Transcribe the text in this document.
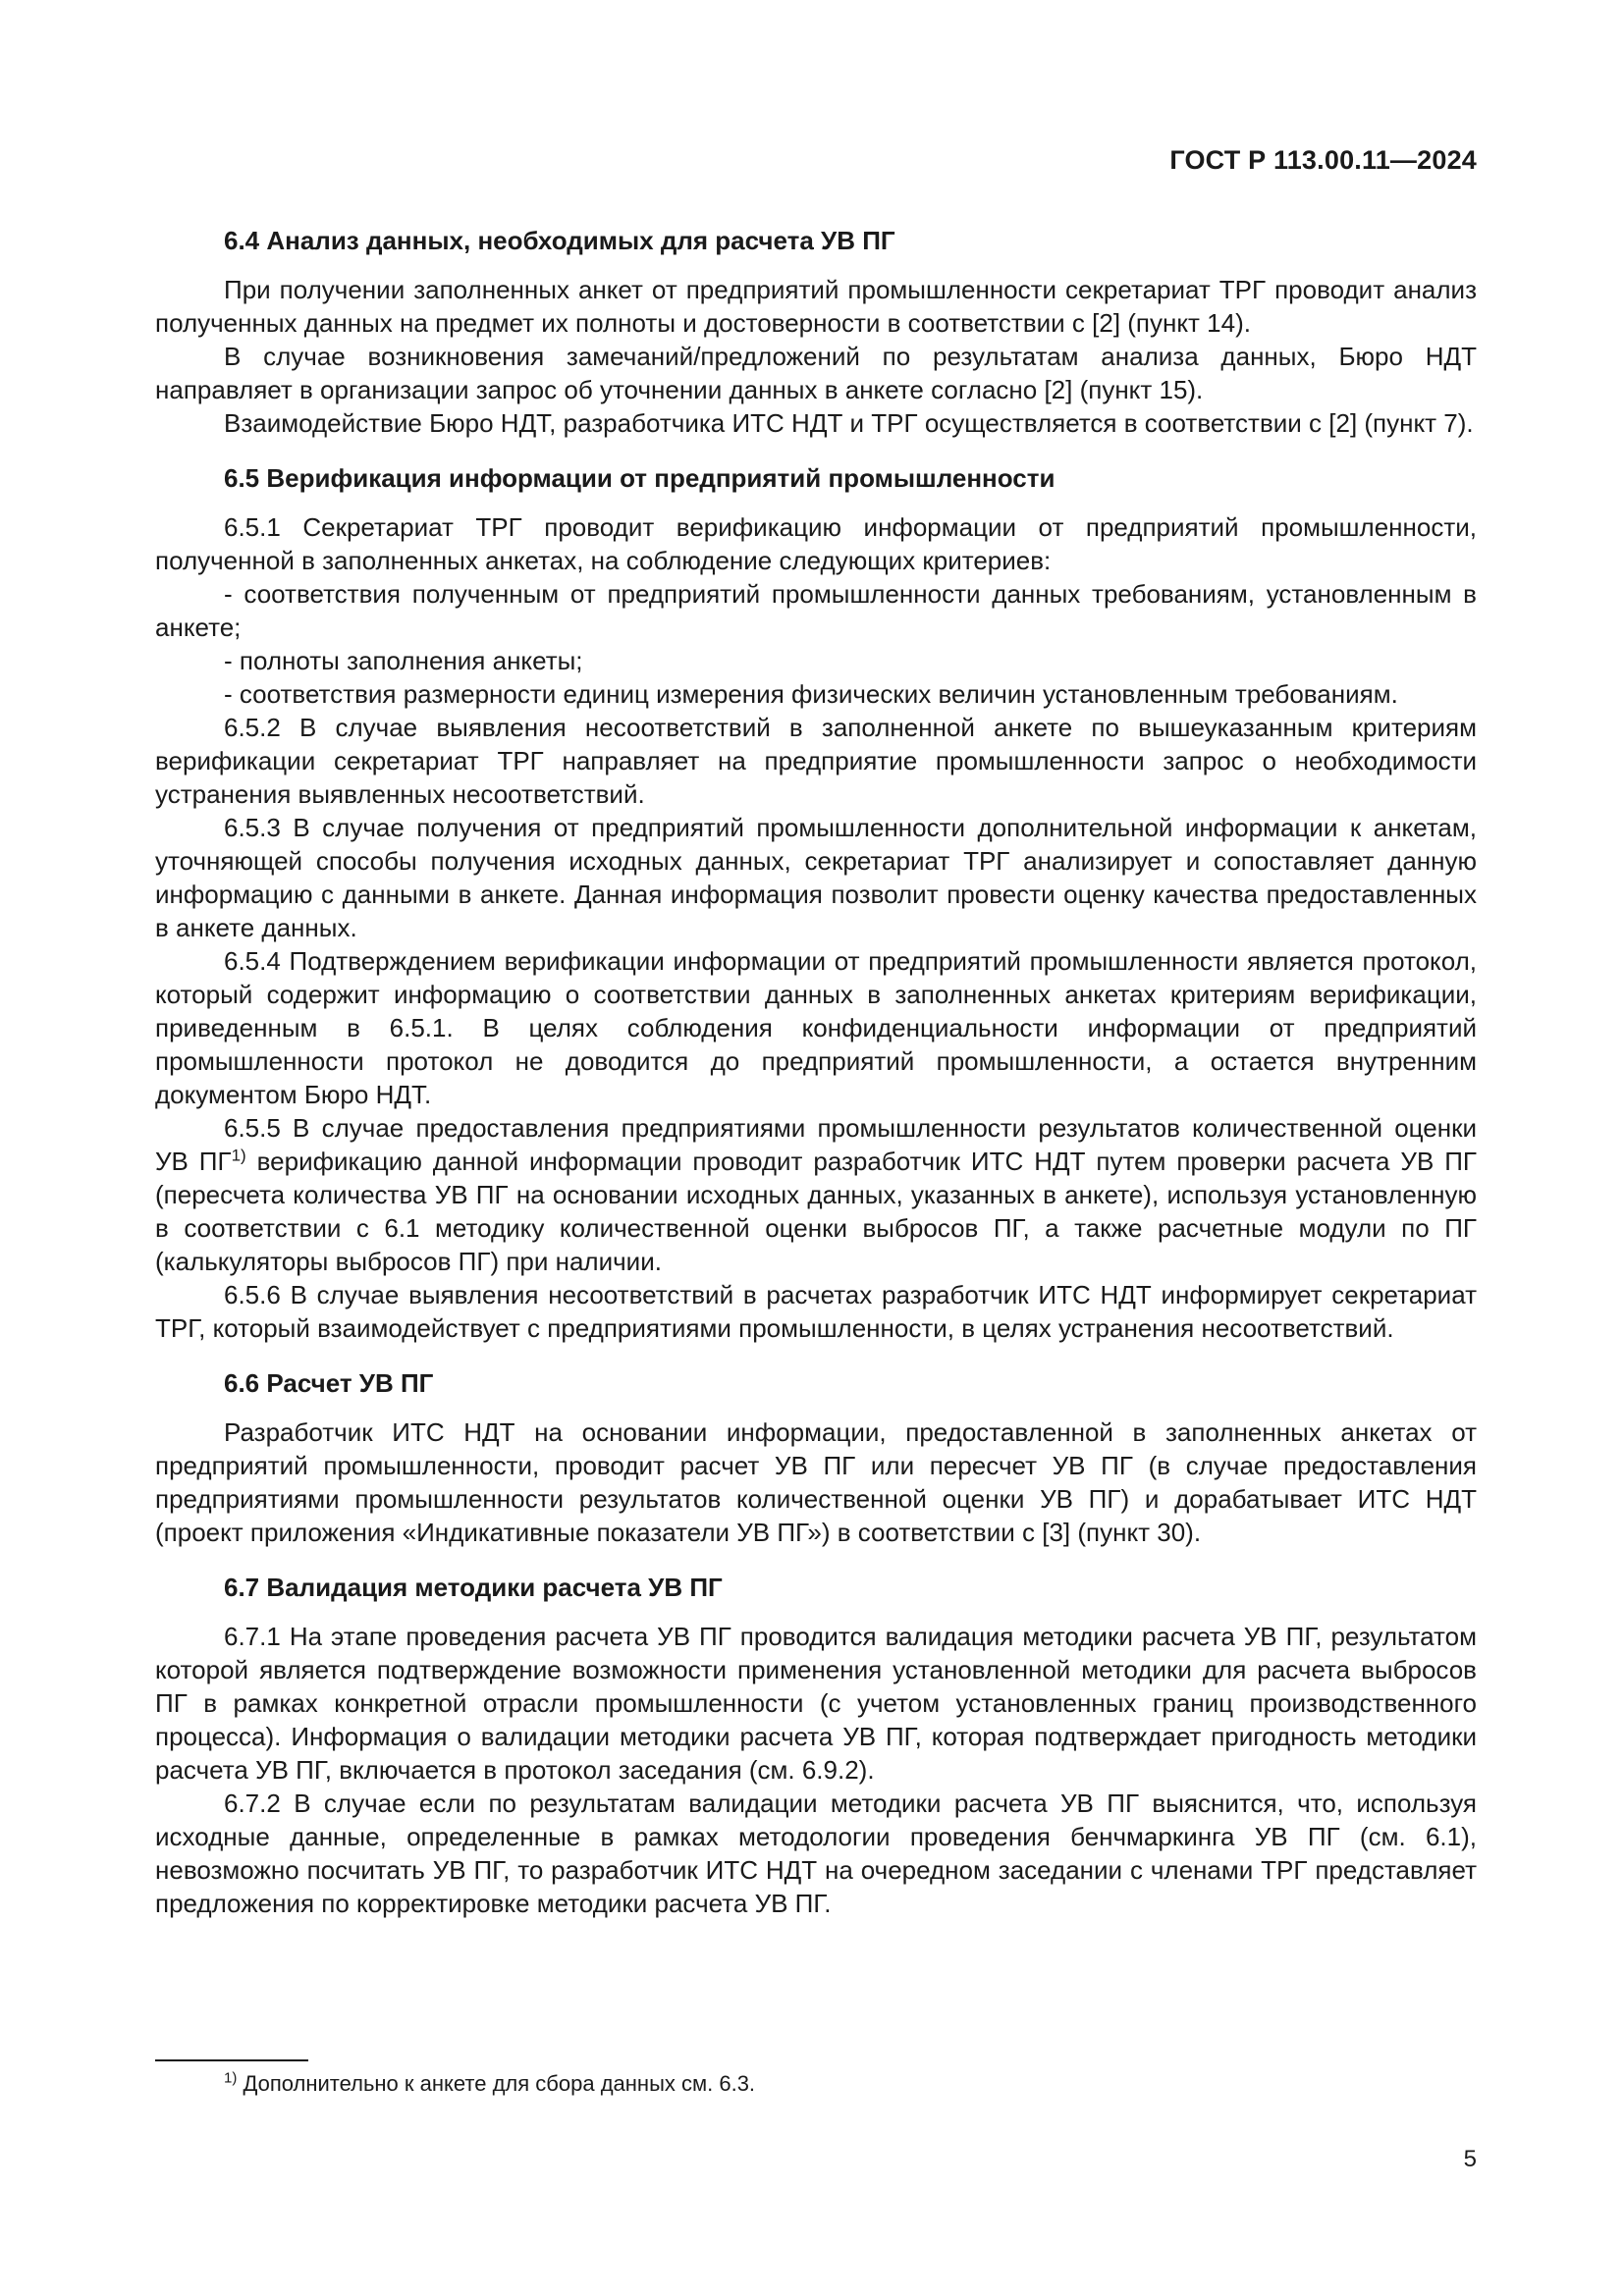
ГОСТ Р 113.00.11—2024
6.4 Анализ данных, необходимых для расчета УВ ПГ

При получении заполненных анкет от предприятий промышленности секретариат ТРГ проводит анализ полученных данных на предмет их полноты и достоверности в соответствии с [2] (пункт 14).

В случае возникновения замечаний/предложений по результатам анализа данных, Бюро НДТ направляет в организации запрос об уточнении данных в анкете согласно [2] (пункт 15).

Взаимодействие Бюро НДТ, разработчика ИТС НДТ и ТРГ осуществляется в соответствии с [2] (пункт 7).

6.5 Верификация информации от предприятий промышленности

6.5.1 Секретариат ТРГ проводит верификацию информации от предприятий промышленности, полученной в заполненных анкетах, на соблюдение следующих критериев:

- соответствия полученным от предприятий промышленности данных требованиям, установленным в анкете;

- полноты заполнения анкеты;

- соответствия размерности единиц измерения физических величин установленным требованиям.

6.5.2 В случае выявления несоответствий в заполненной анкете по вышеуказанным критериям верификации секретариат ТРГ направляет на предприятие промышленности запрос о необходимости устранения выявленных несоответствий.

6.5.3 В случае получения от предприятий промышленности дополнительной информации к анкетам, уточняющей способы получения исходных данных, секретариат ТРГ анализирует и сопоставляет данную информацию с данными в анкете. Данная информация позволит провести оценку качества предоставленных в анкете данных.

6.5.4 Подтверждением верификации информации от предприятий промышленности является протокол, который содержит информацию о соответствии данных в заполненных анкетах критериям верификации, приведенным в 6.5.1. В целях соблюдения конфиденциальности информации от предприятий промышленности протокол не доводится до предприятий промышленности, а остается внутренним документом Бюро НДТ.

6.5.5 В случае предоставления предприятиями промышленности результатов количественной оценки УВ ПГ$^{1)}$ верификацию данной информации проводит разработчик ИТС НДТ путем проверки расчета УВ ПГ (пересчета количества УВ ПГ на основании исходных данных, указанных в анкете), используя установленную в соответствии с 6.1 методику количественной оценки выбросов ПГ, а также расчетные модули по ПГ (калькуляторы выбросов ПГ) при наличии.

6.5.6 В случае выявления несоответствий в расчетах разработчик ИТС НДТ информирует секретариат ТРГ, который взаимодействует с предприятиями промышленности, в целях устранения несоответствий.

6.6 Расчет УВ ПГ

Разработчик ИТС НДТ на основании информации, предоставленной в заполненных анкетах от предприятий промышленности, проводит расчет УВ ПГ или пересчет УВ ПГ (в случае предоставления предприятиями промышленности результатов количественной оценки УВ ПГ) и дорабатывает ИТС НДТ (проект приложения «Индикативные показатели УВ ПГ») в соответствии с [3] (пункт 30).

6.7 Валидация методики расчета УВ ПГ

6.7.1 На этапе проведения расчета УВ ПГ проводится валидация методики расчета УВ ПГ, результатом которой является подтверждение возможности применения установленной методики для расчета выбросов ПГ в рамках конкретной отрасли промышленности (с учетом установленных границ производственного процесса). Информация о валидации методики расчета УВ ПГ, которая подтверждает пригодность методики расчета УВ ПГ, включается в протокол заседания (см. 6.9.2).

6.7.2 В случае если по результатам валидации методики расчета УВ ПГ выяснится, что, используя исходные данные, определенные в рамках методологии проведения бенчмаркинга УВ ПГ (см. 6.1), невозможно посчитать УВ ПГ, то разработчик ИТС НДТ на очередном заседании с членами ТРГ представляет предложения по корректировке методики расчета УВ ПГ.

$^{1)}$ Дополнительно к анкете для сбора данных см. 6.3.
5
